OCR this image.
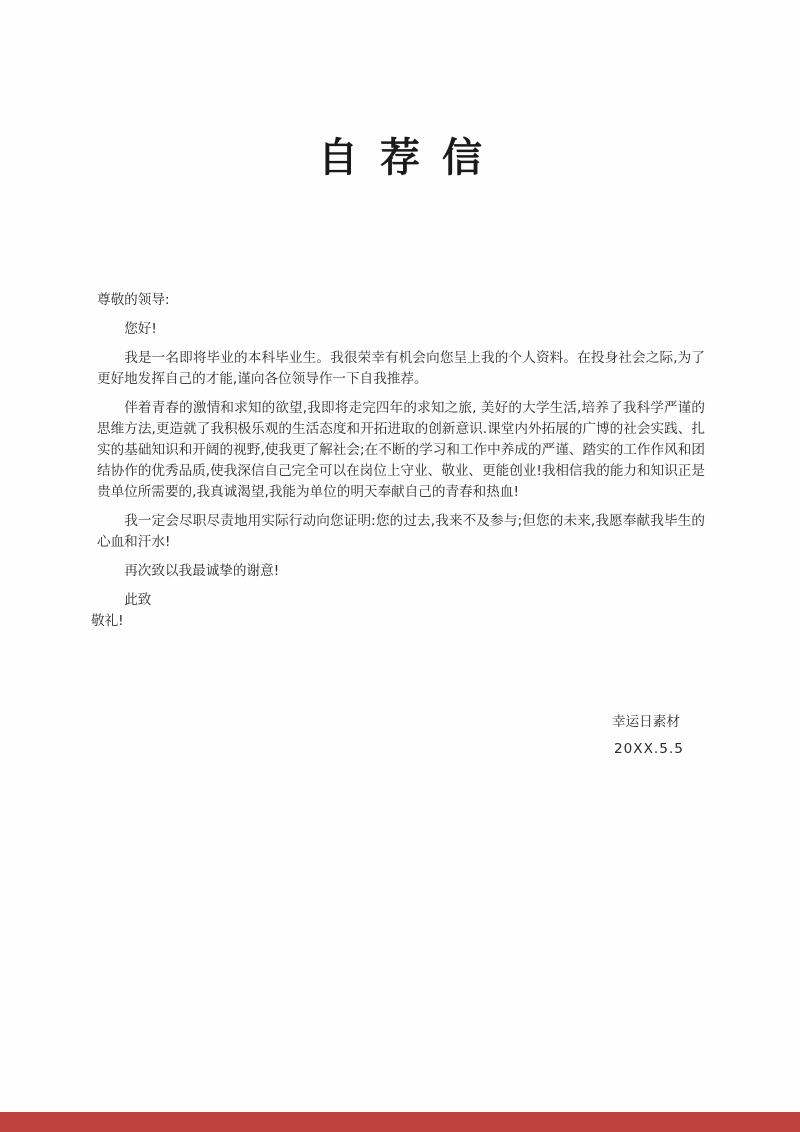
自荐信

尊敬的领导:

您好!

我是一名即将毕业的本科毕业生。我很荣幸有机会向您呈上我的个人资料。在投身社会之际,为了更好地发挥自己的才能,谨向各位领导作一下自我推荐。

伴着青春的激情和求知的欲望,我即将走完四年的求知之旅, 美好的大学生活,培养了我科学严谨的思维方法,更造就了我积极乐观的生活态度和开拓进取的创新意识.课堂内外拓展的广博的社会实践、扎实的基础知识和开阔的视野,使我更了解社会;在不断的学习和工作中养成的严谨、踏实的工作作风和团结协作的优秀品质,使我深信自己完全可以在岗位上守业、敬业、更能创业!我相信我的能力和知识正是贵单位所需要的,我真诚渴望,我能为单位的明天奉献自己的青春和热血!

我一定会尽职尽责地用实际行动向您证明:您的过去,我来不及参与;但您的未来,我愿奉献我毕生的心血和汗水!

再次致以我最诚挚的谢意!

此致

敬礼!

幸运日素材
20XX.5.5
